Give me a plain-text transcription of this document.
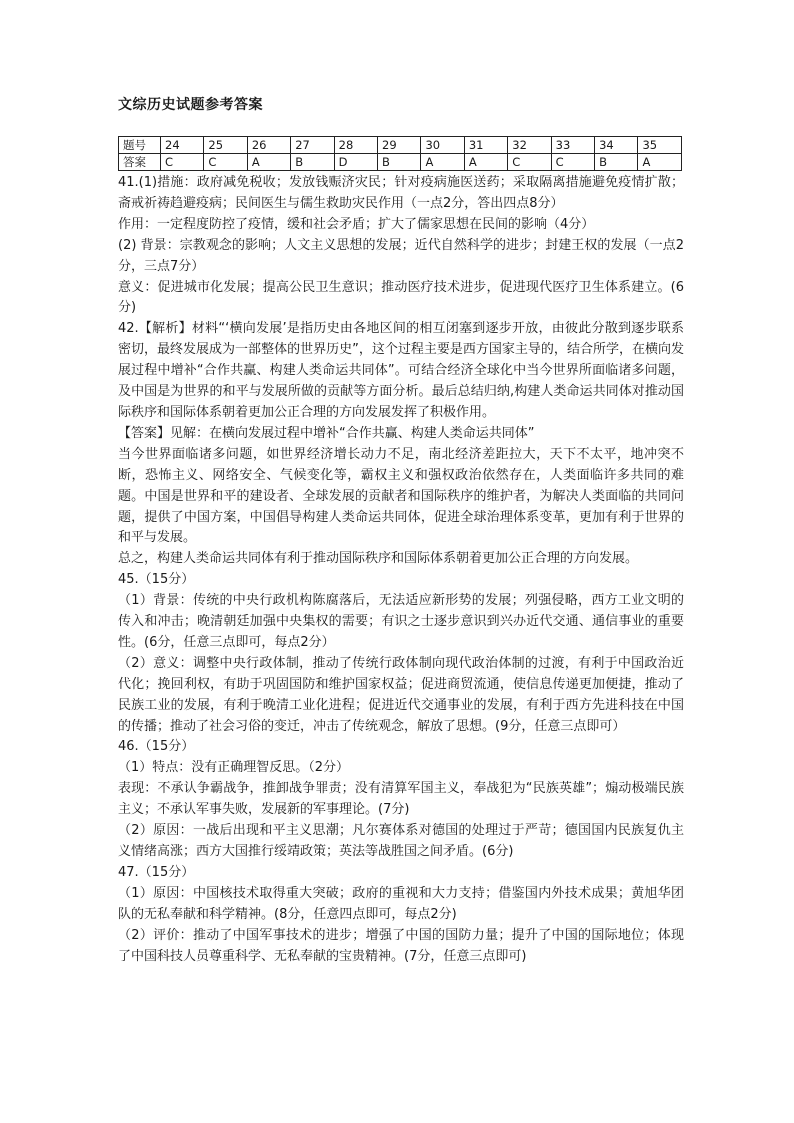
文综历史试题参考答案
题号	24	25	26	27	28	29	30	31	32	33	34	35
答案	C	C	A	B	D	B	A	A	C	C	B	A

41.(1)措施：政府减免税收；发放钱赈济灾民；针对疫病施医送药；采取隔离措施避免疫情扩散；斋戒祈祷趋避疫病；民间医生与儒生救助灾民作用（一点2分，答出四点8分）

作用：一定程度防控了疫情，缓和社会矛盾；扩大了儒家思想在民间的影响（4分）

(2) 背景：宗教观念的影响；人文主义思想的发展；近代自然科学的进步；封建王权的发展（一点2分，三点7分）

意义：促进城市化发展；提高公民卫生意识；推动医疗技术进步，促进现代医疗卫生体系建立。(6分)

42.【解析】材料“‘横向发展’是指历史由各地区间的相互闭塞到逐步开放，由彼此分散到逐步联系密切，最终发展成为一部整体的世界历史”，这个过程主要是西方国家主导的，结合所学，在横向发展过程中增补“合作共赢、构建人类命运共同体”。可结合经济全球化中当今世界所面临诸多问题，及中国是为世界的和平与发展所做的贡献等方面分析。最后总结归纳,构建人类命运共同体对推动国际秩序和国际体系朝着更加公正合理的方向发展发挥了积极作用。

【答案】见解：在横向发展过程中增补“合作共赢、构建人类命运共同体”

当今世界面临诸多问题，如世界经济增长动力不足，南北经济差距拉大，天下不太平，地冲突不断，恐怖主义、网络安全、气候变化等，霸权主义和强权政治依然存在，人类面临许多共同的难题。中国是世界和平的建设者、全球发展的贡献者和国际秩序的维护者，为解决人类面临的共同问题，提供了中国方案，中国倡导构建人类命运共同体，促进全球治理体系变革，更加有利于世界的和平与发展。

总之，构建人类命运共同体有利于推动国际秩序和国际体系朝着更加公正合理的方向发展。

45.（15分）

（1）背景：传统的中央行政机构陈腐落后，无法适应新形势的发展；列强侵略，西方工业文明的传入和冲击；晚清朝廷加强中央集权的需要；有识之士逐步意识到兴办近代交通、通信事业的重要性。(6分，任意三点即可，每点2分）

（2）意义：调整中央行政体制，推动了传统行政体制向现代政治体制的过渡，有利于中国政治近代化；挽回利权，有助于巩固国防和维护国家权益；促进商贸流通，使信息传递更加便捷，推动了民族工业的发展，有利于晚清工业化进程；促进近代交通事业的发展，有利于西方先进科技在中国的传播；推动了社会习俗的变迁，冲击了传统观念，解放了思想。(9分，任意三点即可）

46.（15分）

（1）特点：没有正确理智反思。（2分）

表现：不承认争霸战争，推卸战争罪责；没有清算军国主义，奉战犯为“民族英雄”；煽动极端民族主义；不承认军事失败，发展新的军事理论。(7分)

（2）原因：一战后出现和平主义思潮；凡尔赛体系对德国的处理过于严苛；德国国内民族复仇主义情绪高涨；西方大国推行绥靖政策；英法等战胜国之间矛盾。(6分)

47.（15分）

（1）原因：中国核技术取得重大突破；政府的重视和大力支持；借鉴国内外技术成果；黄旭华团队的无私奉献和科学精神。(8分，任意四点即可，每点2分)

（2）评价：推动了中国军事技术的进步；增强了中国的国防力量；提升了中国的国际地位；体现了中国科技人员尊重科学、无私奉献的宝贵精神。(7分，任意三点即可)
